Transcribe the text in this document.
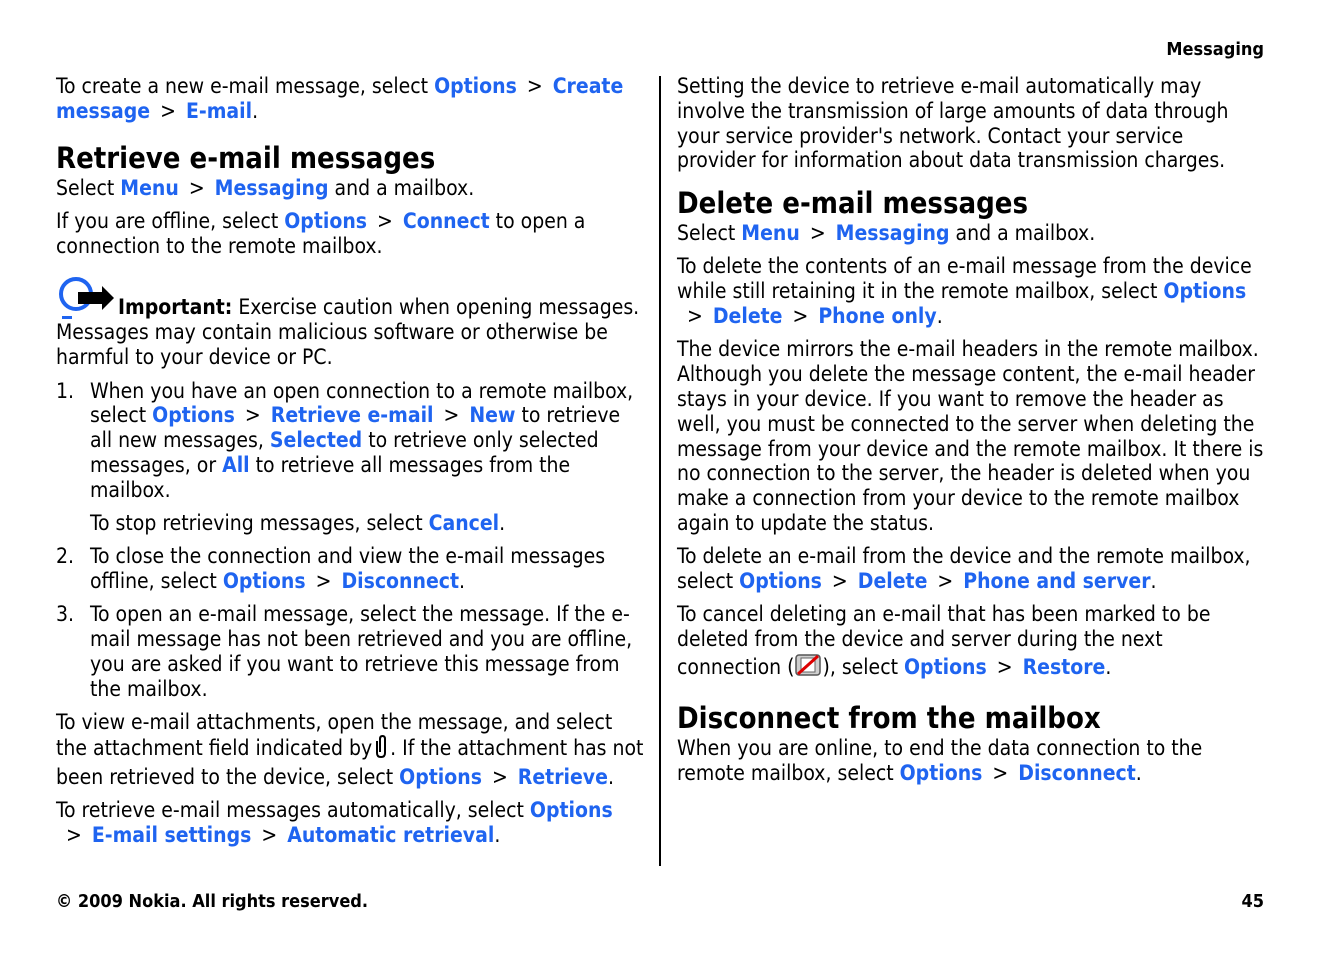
Messaging

To create a new e-mail message, select Options > Create message > E-mail.

Retrieve e-mail messages

Select Menu > Messaging and a mailbox.

If you are offline, select Options > Connect to open a connection to the remote mailbox.

Important: Exercise caution when opening messages. Messages may contain malicious software or otherwise be harmful to your device or PC.

1. When you have an open connection to a remote mailbox, select Options > Retrieve e-mail > New to retrieve all new messages, Selected to retrieve only selected messages, or All to retrieve all messages from the mailbox.

To stop retrieving messages, select Cancel.

2. To close the connection and view the e-mail messages offline, select Options > Disconnect.
3. To open an e-mail message, select the message. If the e-mail message has not been retrieved and you are offline, you are asked if you want to retrieve this message from the mailbox.

To view e-mail attachments, open the message, and select the attachment field indicated by . If the attachment has not been retrieved to the device, select Options > Retrieve.

To retrieve e-mail messages automatically, select Options> E-mail settings > Automatic retrieval.

Setting the device to retrieve e-mail automatically may involve the transmission of large amounts of data through your service provider's network. Contact your service provider for information about data transmission charges.

Delete e-mail messages

Select Menu > Messaging and a mailbox.

To delete the contents of an e-mail message from the device while still retaining it in the remote mailbox, select Options> Delete > Phone only.

The device mirrors the e-mail headers in the remote mailbox. Although you delete the message content, the e-mail header stays in your device. If you want to remove the header as well, you must be connected to the server when deleting the message from your device and the remote mailbox. It there is no connection to the server, the header is deleted when you make a connection from your device to the remote mailbox again to update the status.

To delete an e-mail from the device and the remote mailbox, select Options > Delete > Phone and server.

To cancel deleting an e-mail that has been marked to be deleted from the device and server during the next connection ( ), select Options > Restore.

Disconnect from the mailbox

When you are online, to end the data connection to the remote mailbox, select Options > Disconnect.

© 2009 Nokia. All rights reserved.	45
